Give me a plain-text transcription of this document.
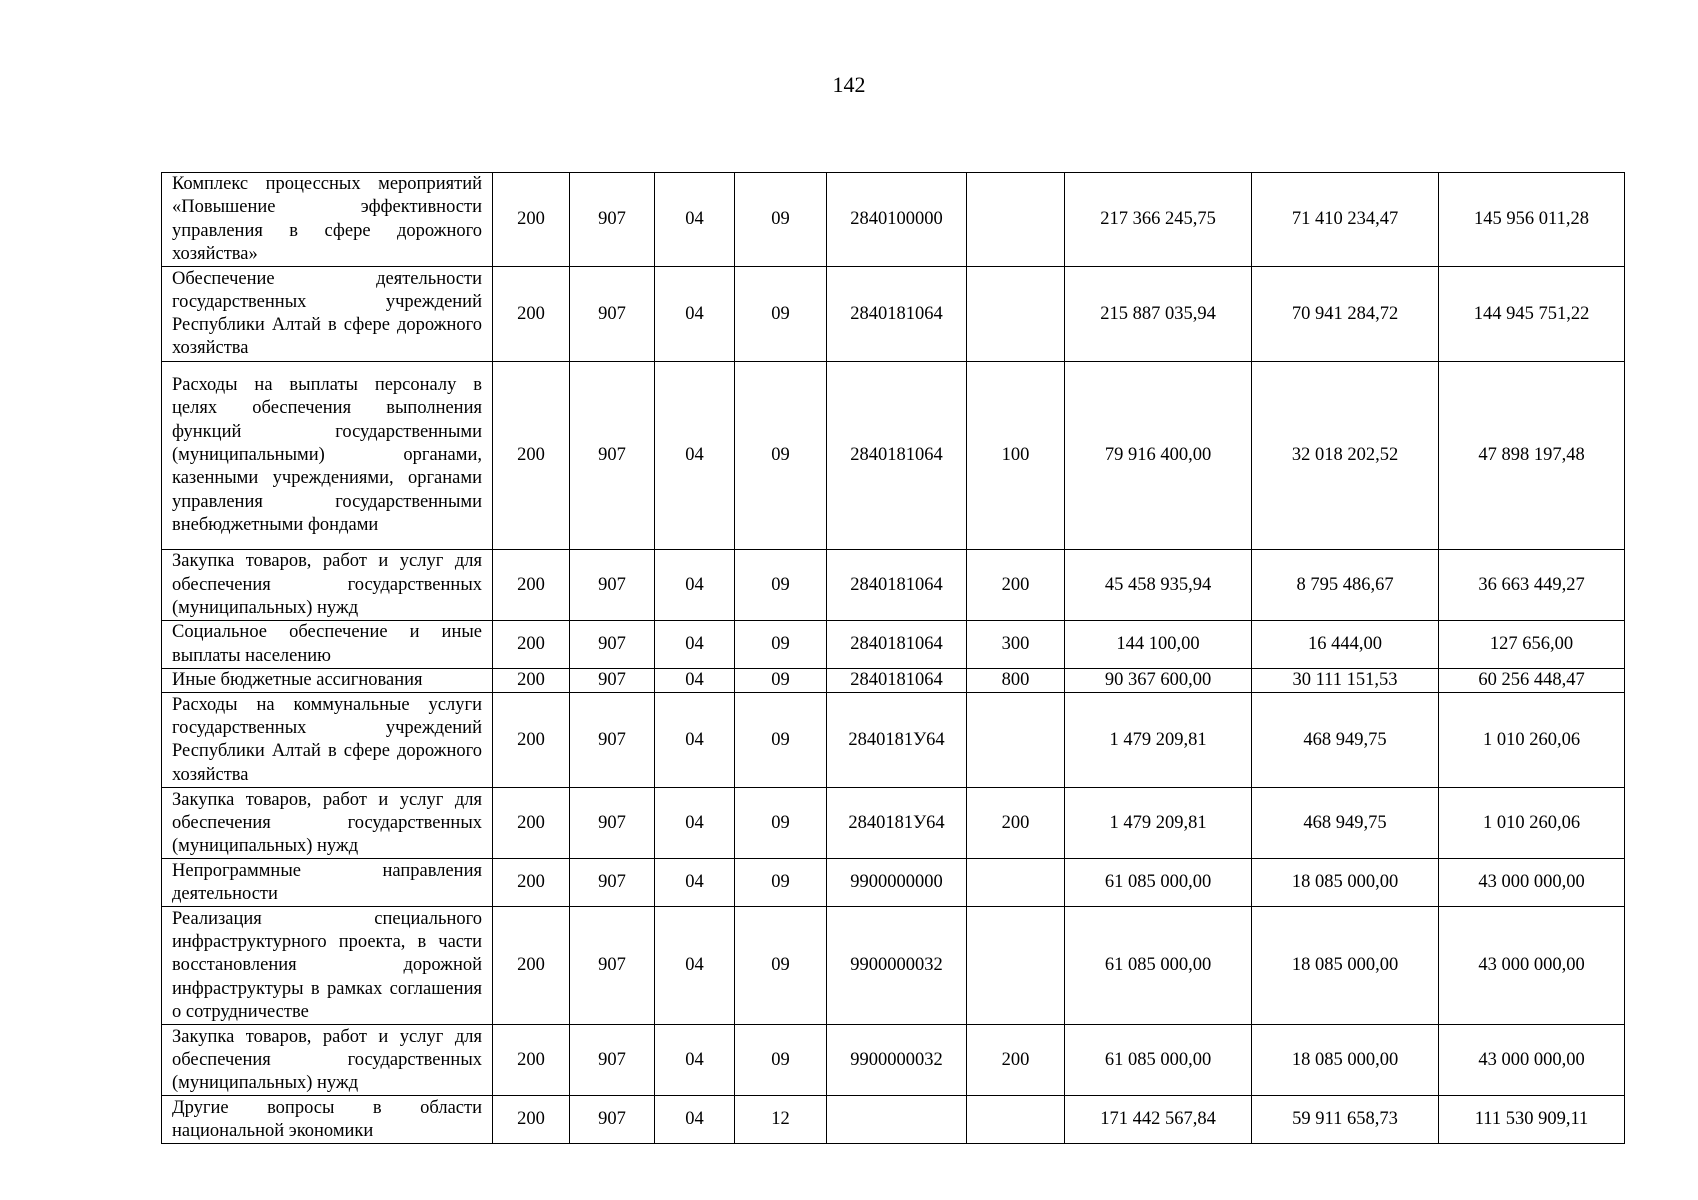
142
Комплекс процессных мероприятий «Повышение эффективности управления в сфере дорожного хозяйства»	200	907	04	09	2840100000		217 366 245,75	71 410 234,47	145 956 011,28
Обеспечение деятельности государственных учреждений Республики Алтай в сфере дорожного хозяйства	200	907	04	09	2840181064		215 887 035,94	70 941 284,72	144 945 751,22
Расходы на выплаты персоналу в целях обеспечения выполнения функций государственными (муниципальными) органами, казенными учреждениями, органами управления государственными внебюджетными фондами	200	907	04	09	2840181064	100	79 916 400,00	32 018 202,52	47 898 197,48
Закупка товаров, работ и услуг для обеспечения государственных (муниципальных) нужд	200	907	04	09	2840181064	200	45 458 935,94	8 795 486,67	36 663 449,27
Социальное обеспечение и иные выплаты населению	200	907	04	09	2840181064	300	144 100,00	16 444,00	127 656,00
Иные бюджетные ассигнования	200	907	04	09	2840181064	800	90 367 600,00	30 111 151,53	60 256 448,47
Расходы на коммунальные услуги государственных учреждений Республики Алтай в сфере дорожного хозяйства	200	907	04	09	2840181У64		1 479 209,81	468 949,75	1 010 260,06
Закупка товаров, работ и услуг для обеспечения государственных (муниципальных) нужд	200	907	04	09	2840181У64	200	1 479 209,81	468 949,75	1 010 260,06
Непрограммные направления деятельности	200	907	04	09	9900000000		61 085 000,00	18 085 000,00	43 000 000,00
Реализация специального инфраструктурного проекта, в части восстановления дорожной инфраструктуры в рамках соглашения о сотрудничестве	200	907	04	09	9900000032		61 085 000,00	18 085 000,00	43 000 000,00
Закупка товаров, работ и услуг для обеспечения государственных (муниципальных) нужд	200	907	04	09	9900000032	200	61 085 000,00	18 085 000,00	43 000 000,00
Другие вопросы в области национальной экономики	200	907	04	12			171 442 567,84	59 911 658,73	111 530 909,11
